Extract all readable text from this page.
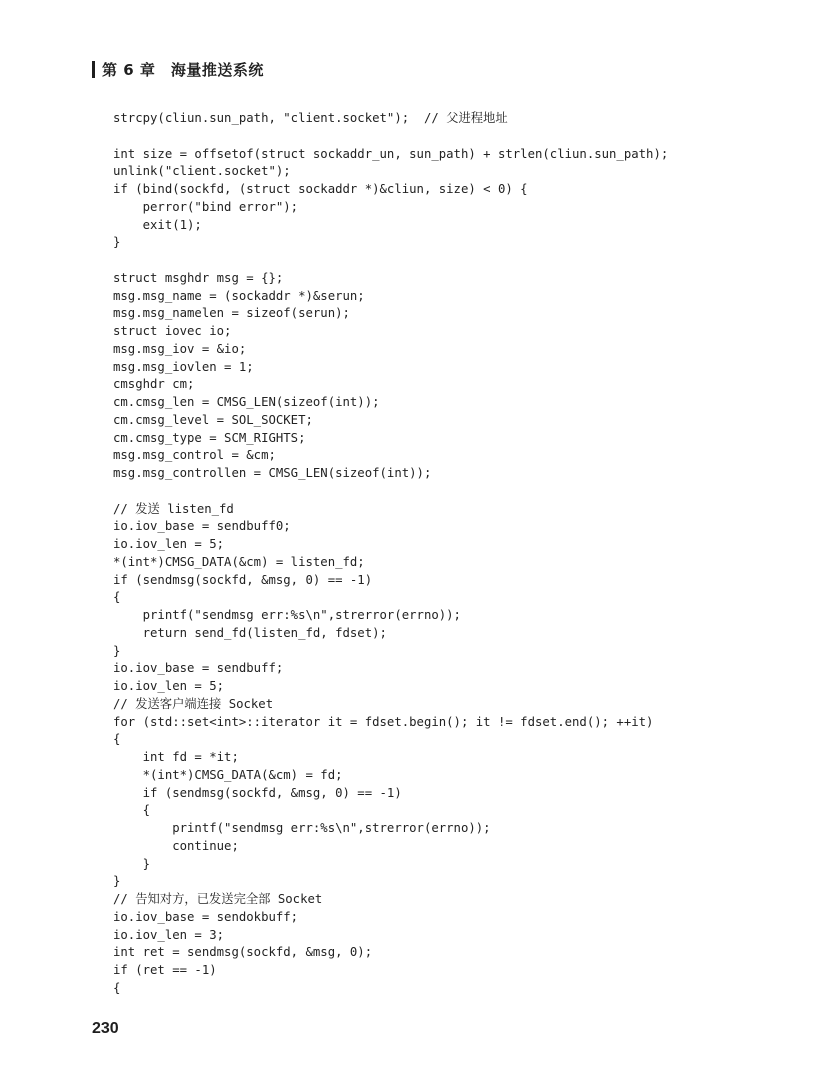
第 6 章　海量推送系统
strcpy(cliun.sun_path, "client.socket");  // 父进程地址
int size = offsetof(struct sockaddr_un, sun_path) + strlen(cliun.sun_path);
unlink("client.socket");
if (bind(sockfd, (struct sockaddr *)&cliun, size) < 0) {
perror("bind error");
exit(1);
}
struct msghdr msg = {};
msg.msg_name = (sockaddr *)&serun;
msg.msg_namelen = sizeof(serun);
struct iovec io;
msg.msg_iov = &io;
msg.msg_iovlen = 1;
cmsghdr cm;
cm.cmsg_len = CMSG_LEN(sizeof(int));
cm.cmsg_level = SOL_SOCKET;
cm.cmsg_type = SCM_RIGHTS;
msg.msg_control = &cm;
msg.msg_controllen = CMSG_LEN(sizeof(int));
// 发送 listen_fd
io.iov_base = sendbuff0;
io.iov_len = 5;
*(int*)CMSG_DATA(&cm) = listen_fd;
if (sendmsg(sockfd, &msg, 0) == -1)
{
printf("sendmsg err:%s\n",strerror(errno));
return send_fd(listen_fd, fdset);
}
io.iov_base = sendbuff;
io.iov_len = 5;
// 发送客户端连接 Socket
for (std::set<int>::iterator it = fdset.begin(); it != fdset.end(); ++it)
{
int fd = *it;
*(int*)CMSG_DATA(&cm) = fd;
if (sendmsg(sockfd, &msg, 0) == -1)
{
printf("sendmsg err:%s\n",strerror(errno));
continue;
}
}
// 告知对方，已发送完全部 Socket
io.iov_base = sendokbuff;
io.iov_len = 3;
int ret = sendmsg(sockfd, &msg, 0);
if (ret == -1)
{
230
